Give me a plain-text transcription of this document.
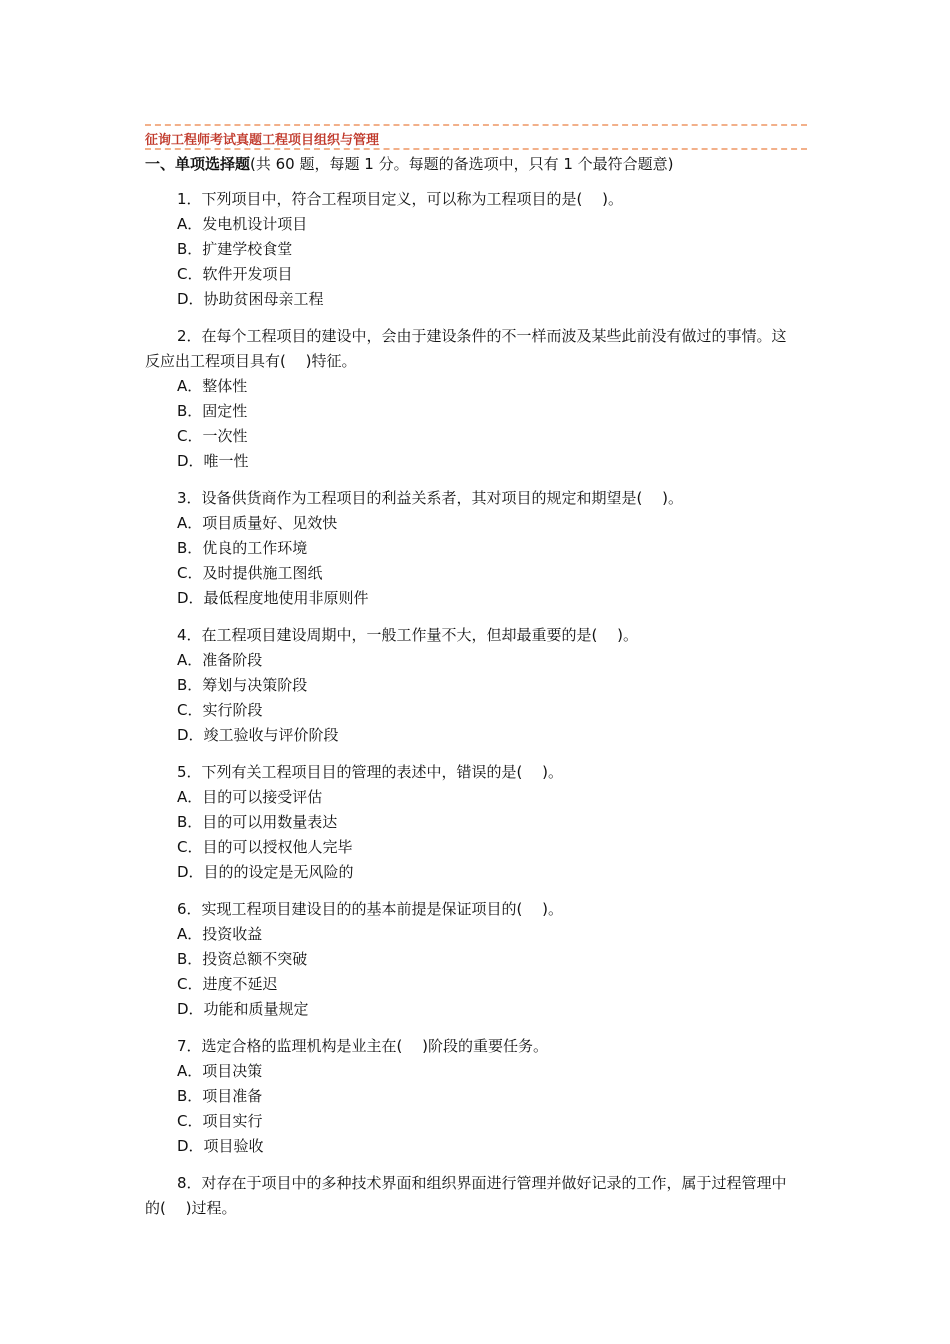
征询工程师考试真题工程项目组织与管理
一、单项选择题(共 60 题，每题 1 分。每题的备选项中，只有 1 个最符合题意)

1．下列项目中，符合工程项目定义，可以称为工程项目的是(　 )。

A．发电机设计项目

B．扩建学校食堂

C．软件开发项目

D．协助贫困母亲工程

2．在每个工程项目的建设中，会由于建设条件的不一样而波及某些此前没有做过的事情。这反应出工程项目具有(　 )特征。

A．整体性

B．固定性

C．一次性

D．唯一性

3．设备供货商作为工程项目的利益关系者，其对项目的规定和期望是(　 )。

A．项目质量好、见效快

B．优良的工作环境

C．及时提供施工图纸

D．最低程度地使用非原则件

4．在工程项目建设周期中，一般工作量不大，但却最重要的是(　 )。

A．准备阶段

B．筹划与决策阶段

C．实行阶段

D．竣工验收与评价阶段

5．下列有关工程项目目的管理的表述中，错误的是(　 )。

A．目的可以接受评估

B．目的可以用数量表达

C．目的可以授权他人完毕

D．目的的设定是无风险的

6．实现工程项目建设目的的基本前提是保证项目的(　 )。

A．投资收益

B．投资总额不突破

C．进度不延迟

D．功能和质量规定

7．选定合格的监理机构是业主在(　 )阶段的重要任务。

A．项目决策

B．项目准备

C．项目实行

D．项目验收

8．对存在于项目中的多种技术界面和组织界面进行管理并做好记录的工作，属于过程管理中的(　 )过程。
